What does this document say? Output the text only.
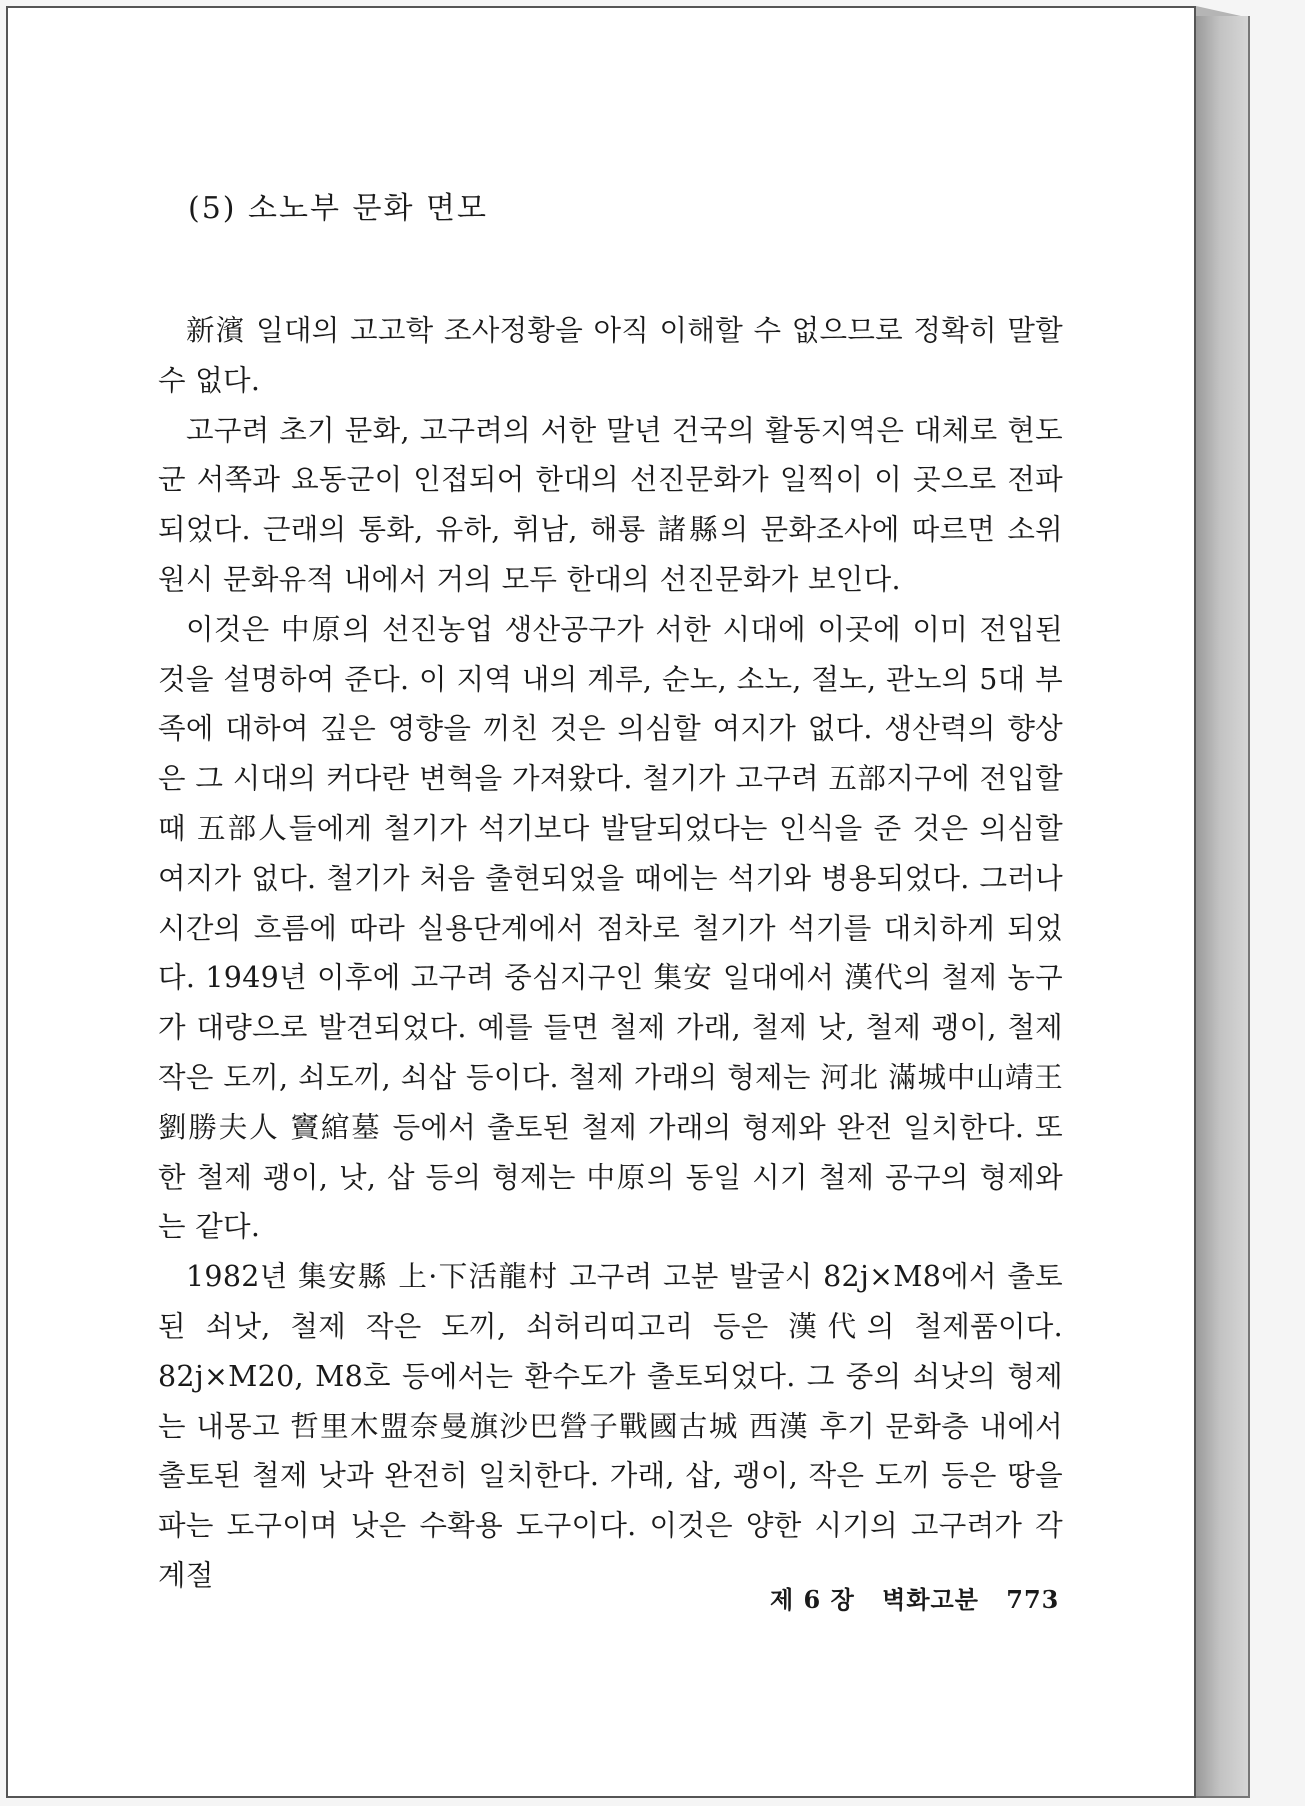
(5) 소노부 문화 면모

新濱 일대의 고고학 조사정황을 아직 이해할 수 없으므로 정확히 말할 수 없다.

고구려 초기 문화, 고구려의 서한 말년 건국의 활동지역은 대체로 현도군 서쪽과 요동군이 인접되어 한대의 선진문화가 일찍이 이 곳으로 전파되었다. 근래의 통화, 유하, 휘남, 해룡 諸縣의 문화조사에 따르면 소위 원시 문화유적 내에서 거의 모두 한대의 선진문화가 보인다.

이것은 中原의 선진농업 생산공구가 서한 시대에 이곳에 이미 전입된 것을 설명하여 준다. 이 지역 내의 계루, 순노, 소노, 절노, 관노의 5대 부족에 대하여 깊은 영향을 끼친 것은 의심할 여지가 없다. 생산력의 향상은 그 시대의 커다란 변혁을 가져왔다. 철기가 고구려 五部지구에 전입할 때 五部人들에게 철기가 석기보다 발달되었다는 인식을 준 것은 의심할 여지가 없다. 철기가 처음 출현되었을 때에는 석기와 병용되었다. 그러나 시간의 흐름에 따라 실용단계에서 점차로 철기가 석기를 대치하게 되었다. 1949년 이후에 고구려 중심지구인 集安 일대에서 漢代의 철제 농구가 대량으로 발견되었다. 예를 들면 철제 가래, 철제 낫, 철제 괭이, 철제 작은 도끼, 쇠도끼, 쇠삽 등이다. 철제 가래의 형제는 河北 滿城中山靖王 劉勝夫人 竇綰墓 등에서 출토된 철제 가래의 형제와 완전 일치한다. 또한 철제 괭이, 낫, 삽 등의 형제는 中原의 동일 시기 철제 공구의 형제와는 같다.

1982년 集安縣 上·下活龍村 고구려 고분 발굴시 82j×M8에서 출토된 쇠낫, 철제 작은 도끼, 쇠허리띠고리 등은 漢代의 철제품이다. 82j×M20, M8호 등에서는 환수도가 출토되었다. 그 중의 쇠낫의 형제는 내몽고 哲里木盟奈曼旗沙巴營子戰國古城 西漢 후기 문화층 내에서 출토된 철제 낫과 완전히 일치한다. 가래, 삽, 괭이, 작은 도끼 등은 땅을 파는 도구이며 낫은 수확용 도구이다. 이것은 양한 시기의 고구려가 각 계절

제 6 장 벽화고분 773
